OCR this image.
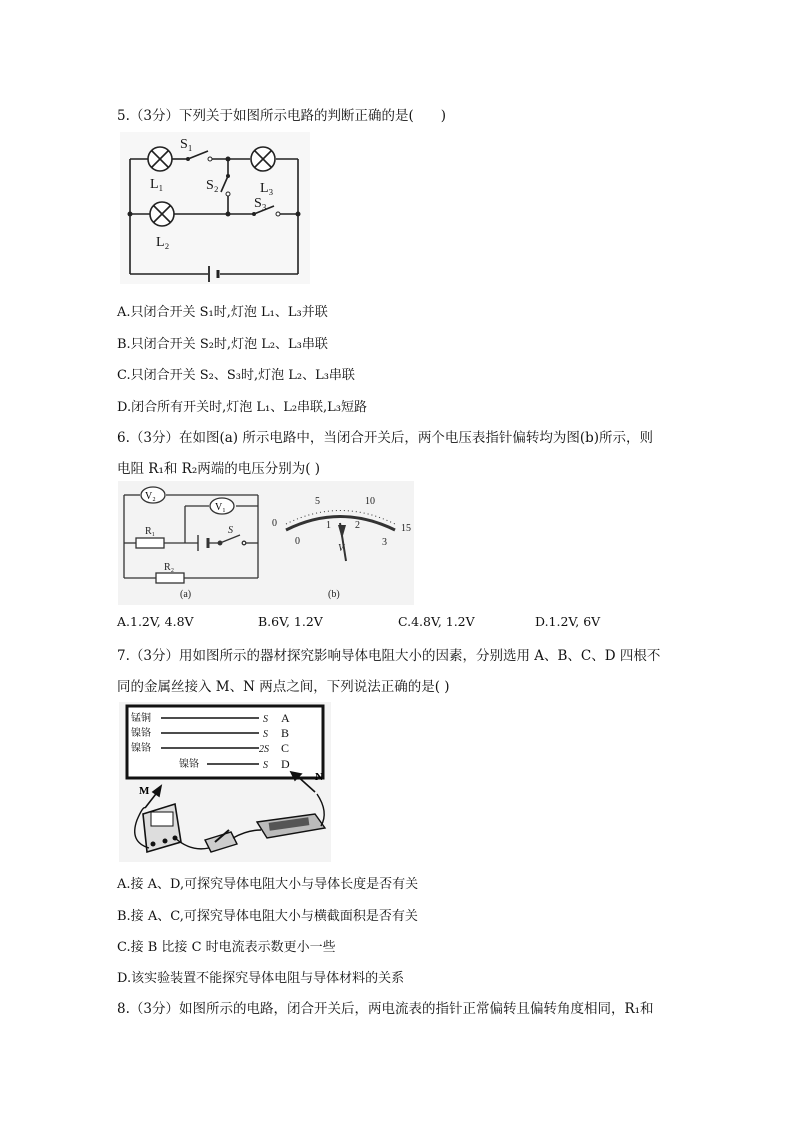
5.（3分）下列关于如图所示电路的判断正确的是(　　)
S₁
S₂
S₃
L₁	L₃
L₂
A.只闭合开关 S₁时,灯泡 L₁、L₃并联
B.只闭合开关 S₂时,灯泡 L₂、L₃串联
C.只闭合开关 S₂、S₃时,灯泡 L₂、L₃串联
D.闭合所有开关时,灯泡 L₁、L₂串联,L₃短路
6.（3分）在如图(a) 所示电路中，当闭合开关后，两个电压表指针偏转均为图(b)所示，则
电阻 R₁和 R₂两端的电压分别为( )
V₂
V₁
R₁
R₂
S
(a)	(b)
0
5	10
15
0
1 2
3
V
A.1.2V, 4.8V	B.6V, 1.2V	C.4.8V, 1.2V	D.1.2V, 6V
7.（3分）用如图所示的器材探究影响导体电阻大小的因素，分别选用 A、B、C、D 四根不
同的金属丝接入 M、N 两点之间，下列说法正确的是( )
锰铜
镍铬
镍铬
镍铬
S
S
2S
S
A
B
C
D
M
N
A.接 A、D,可探究导体电阻大小与导体长度是否有关
B.接 A、C,可探究导体电阻大小与横截面积是否有关
C.接 B 比接 C 时电流表示数更小一些
D.该实验装置不能探究导体电阻与导体材料的关系
8.（3分）如图所示的电路，闭合开关后，两电流表的指针正常偏转且偏转角度相同，R₁和
